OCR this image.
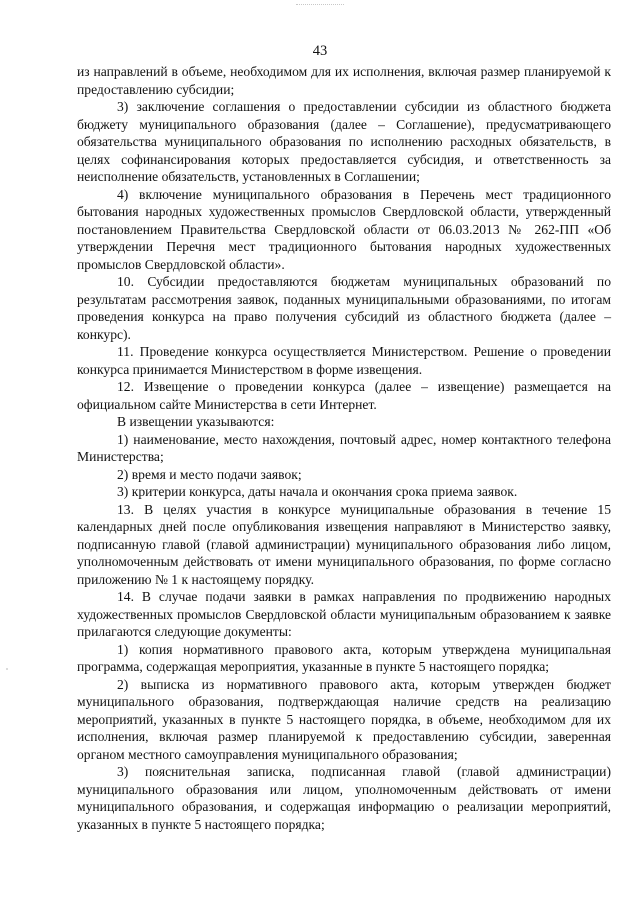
43

из направлений в объеме, необходимом для их исполнения, включая размер планируемой к предоставлению субсидии;

3) заключение соглашения о предоставлении субсидии из областного бюджета бюджету муниципального образования (далее – Соглашение), предусматривающего обязательства муниципального образования по исполнению расходных обязательств, в целях софинансирования которых предоставляется субсидия, и ответственность за неисполнение обязательств, установленных в Соглашении;

4) включение муниципального образования в Перечень мест традиционного бытования народных художественных промыслов Свердловской области, утвержденный постановлением Правительства Свердловской области от 06.03.2013 № 262-ПП «Об утверждении Перечня мест традиционного бытования народных художественных промыслов Свердловской области».

10. Субсидии предоставляются бюджетам муниципальных образований по результатам рассмотрения заявок, поданных муниципальными образованиями, по итогам проведения конкурса на право получения субсидий из областного бюджета (далее – конкурс).

11. Проведение конкурса осуществляется Министерством. Решение о проведении конкурса принимается Министерством в форме извещения.

12. Извещение о проведении конкурса (далее – извещение) размещается на официальном сайте Министерства в сети Интернет.

В извещении указываются:

1) наименование, место нахождения, почтовый адрес, номер контактного телефона Министерства;

2) время и место подачи заявок;

3) критерии конкурса, даты начала и окончания срока приема заявок.

13. В целях участия в конкурсе муниципальные образования в течение 15 календарных дней после опубликования извещения направляют в Министерство заявку, подписанную главой (главой администрации) муниципального образования либо лицом, уполномоченным действовать от имени муниципального образования, по форме согласно приложению № 1 к настоящему порядку.

14. В случае подачи заявки в рамках направления по продвижению народных художественных промыслов Свердловской области муниципальным образованием к заявке прилагаются следующие документы:

1) копия нормативного правового акта, которым утверждена муниципальная программа, содержащая мероприятия, указанные в пункте 5 настоящего порядка;

2) выписка из нормативного правового акта, которым утвержден бюджет муниципального образования, подтверждающая наличие средств на реализацию мероприятий, указанных в пункте 5 настоящего порядка, в объеме, необходимом для их исполнения, включая размер планируемой к предоставлению субсидии, заверенная органом местного самоуправления муниципального образования;

3) пояснительная записка, подписанная главой (главой администрации) муниципального образования или лицом, уполномоченным действовать от имени муниципального образования, и содержащая информацию о реализации мероприятий, указанных в пункте 5 настоящего порядка;
